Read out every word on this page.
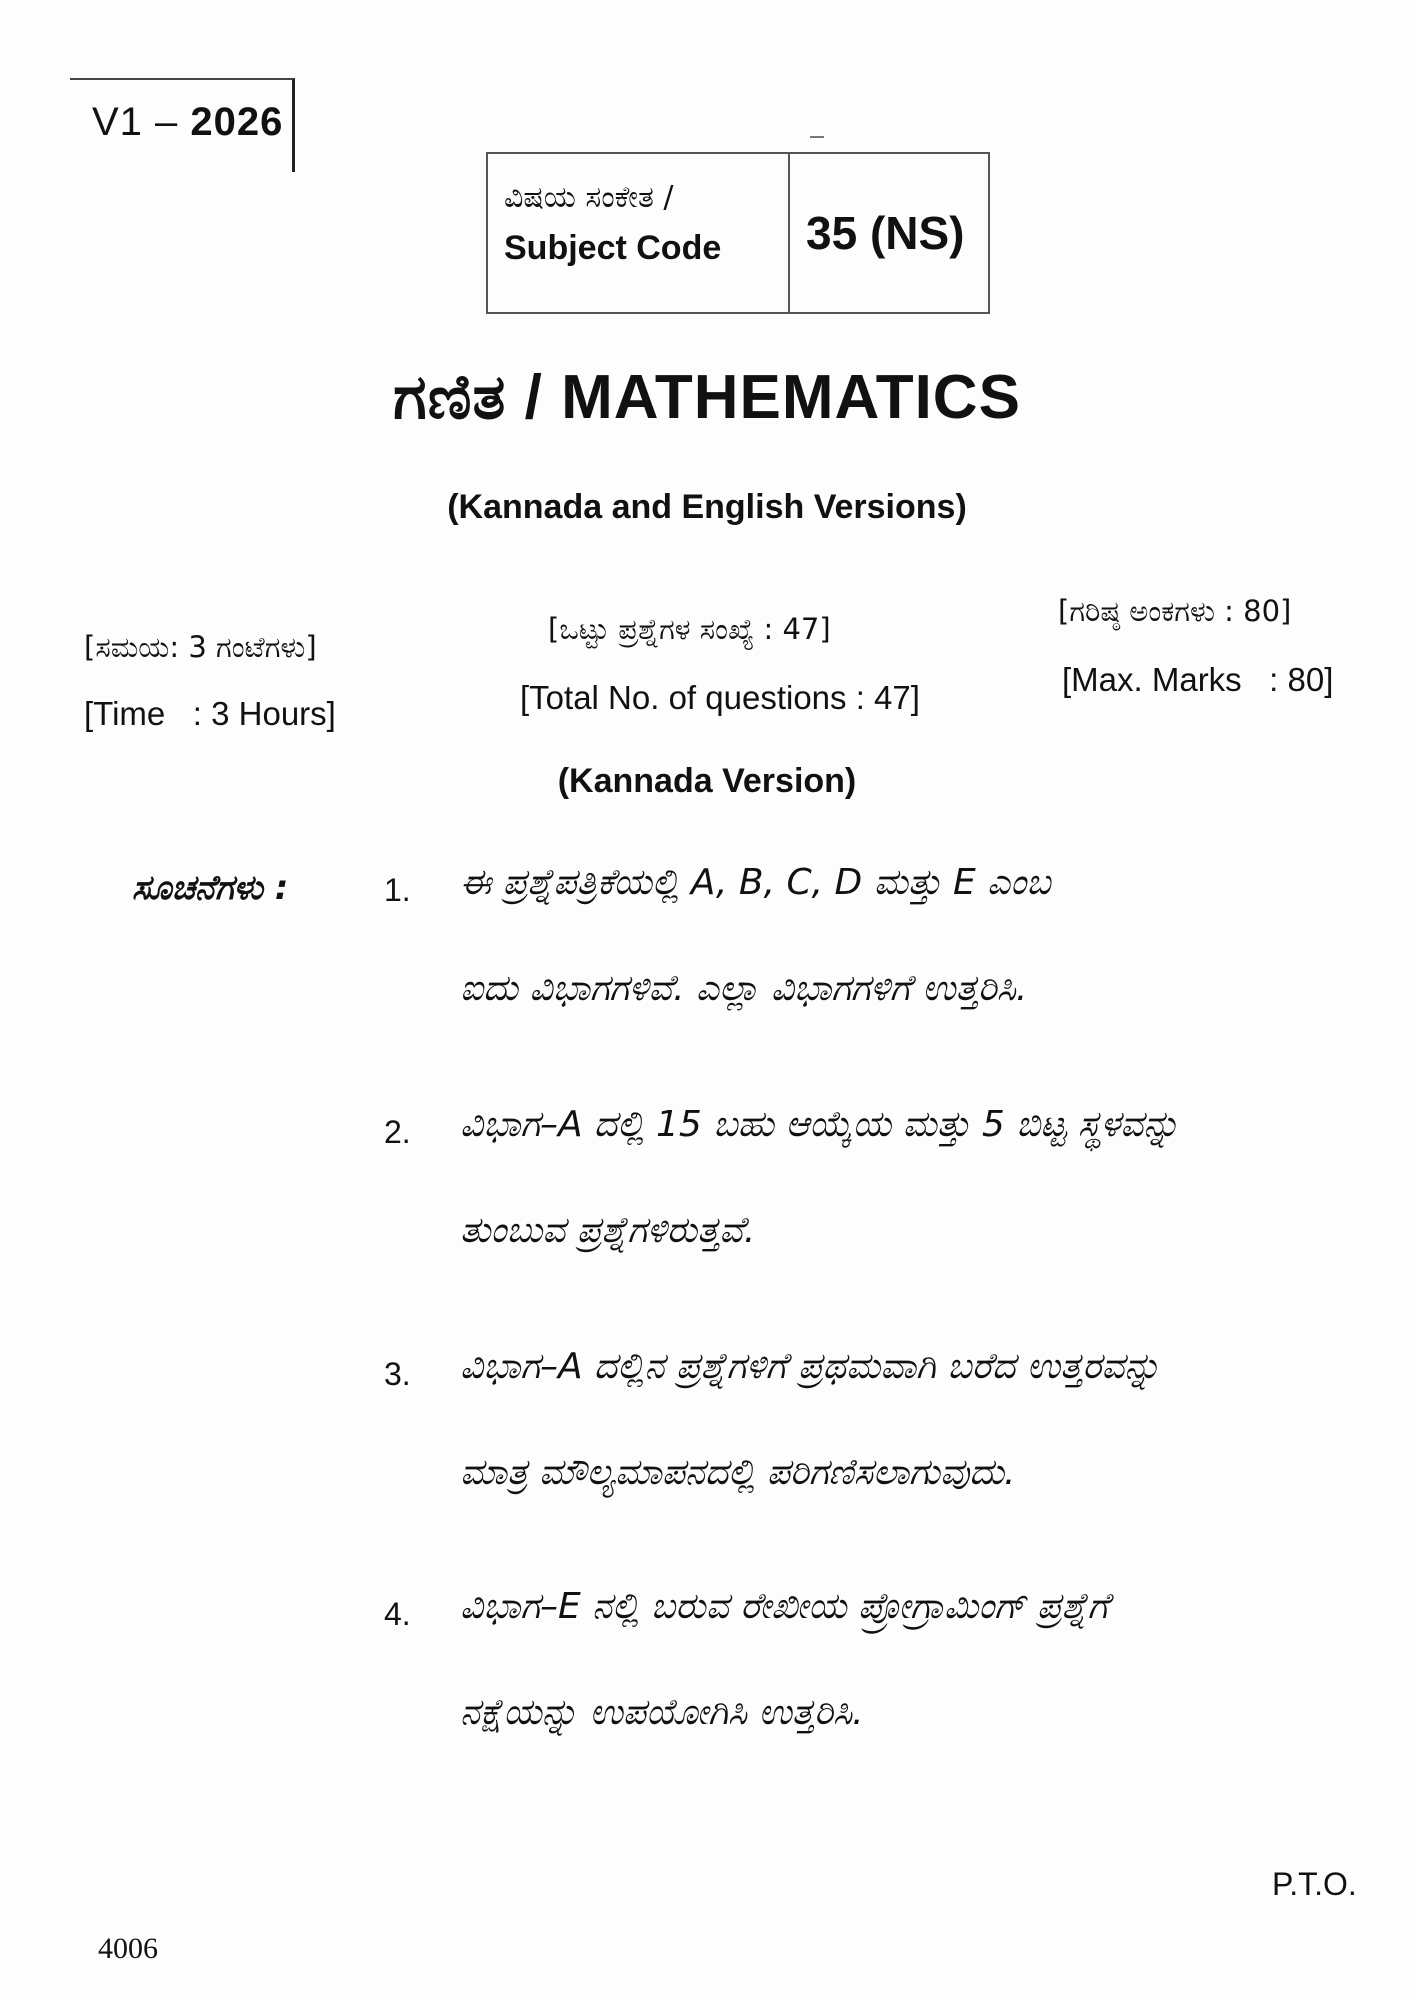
V1 – 2026
ವಿಷಯ ಸಂಕೇತ /
Subject Code	35 (NS)
ಗಣಿತ / MATHEMATICS
(Kannada and English Versions)
[ಸಮಯ: 3 ಗಂಟೆಗಳು]
[Time   : 3 Hours]
[ಒಟ್ಟು ಪ್ರಶ್ನೆಗಳ ಸಂಖ್ಯೆ : 47]
[Total No. of questions : 47]
[ಗರಿಷ್ಠ ಅಂಕಗಳು : 80]
[Max. Marks   : 80]
(Kannada Version)
ಸೂಚನೆಗಳು :	1. ಈ ಪ್ರಶ್ನೆಪತ್ರಿಕೆಯಲ್ಲಿ A, B, C, D ಮತ್ತು E ಎಂಬ
ಐದು ವಿಭಾಗಗಳಿವೆ. ಎಲ್ಲಾ ವಿಭಾಗಗಳಿಗೆ ಉತ್ತರಿಸಿ.
2. ವಿಭಾಗ–A ದಲ್ಲಿ 15 ಬಹು ಆಯ್ಕೆಯ ಮತ್ತು 5 ಬಿಟ್ಟ ಸ್ಥಳವನ್ನು
ತುಂಬುವ ಪ್ರಶ್ನೆಗಳಿರುತ್ತವೆ.
3. ವಿಭಾಗ–A ದಲ್ಲಿನ ಪ್ರಶ್ನೆಗಳಿಗೆ ಪ್ರಥಮವಾಗಿ ಬರೆದ ಉತ್ತರವನ್ನು
ಮಾತ್ರ ಮೌಲ್ಯಮಾಪನದಲ್ಲಿ ಪರಿಗಣಿಸಲಾಗುವುದು.
4. ವಿಭಾಗ–E ನಲ್ಲಿ ಬರುವ ರೇಖೀಯ ಪ್ರೋಗ್ರಾಮಿಂಗ್ ಪ್ರಶ್ನೆಗೆ
ನಕ್ಷೆಯನ್ನು ಉಪಯೋಗಿಸಿ ಉತ್ತರಿಸಿ.
P.T.O.
4006
